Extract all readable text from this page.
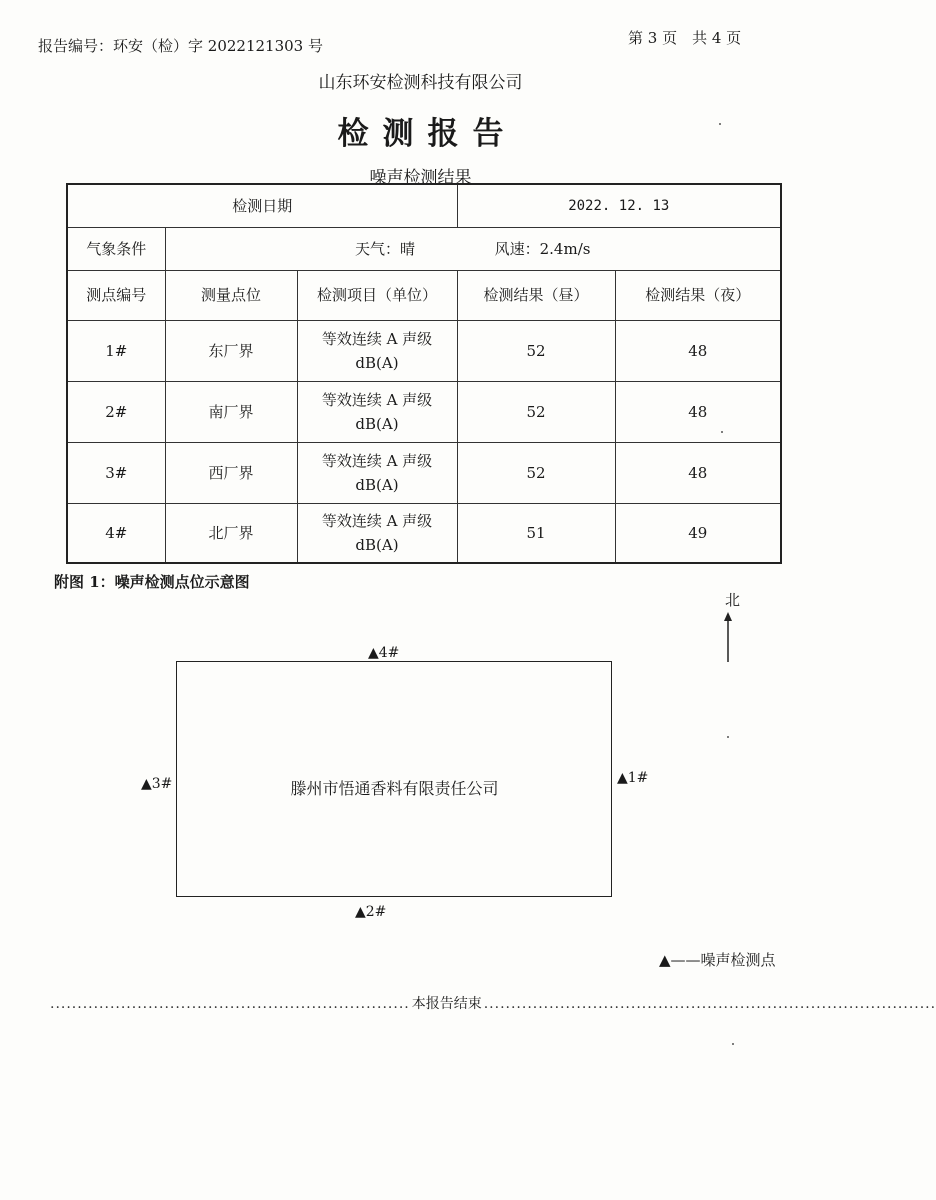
报告编号：环安（检）字 2022121303 号	第 3 页　共 4 页
山东环安检测科技有限公司
检测报告
噪声检测结果
检测日期			2022. 12. 13	
气象条件	天气：晴 风速：2.4m/s			
测点编号	测量点位	检测项目（单位）	检测结果（昼）	检测结果（夜）
1#	东厂界	等效连续 A 声级
dB(A)	52	48
2#	南厂界	等效连续 A 声级
dB(A)	52	48
3#	西厂界	等效连续 A 声级
dB(A)	52	48
4#	北厂界	等效连续 A 声级
dB(A)	51	49
附图 1：噪声检测点位示意图
北
滕州市悟通香料有限责任公司
▲4#
▲3#	▲1#
▲2#
▲——噪声检测点
.................................................................. 本报告结束 ...................................................................................
